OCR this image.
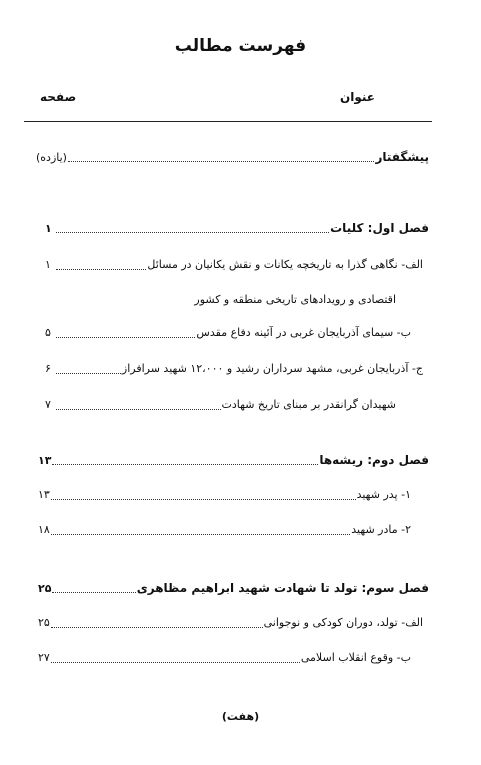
فهرست مطالب
عنوان
صفحه
پیشگفتار
(یازده)
فصل اول: کلیات
۱
الف- نگاهی گذرا به تاریخچه یکانات و نقش یکانیان در مسائل
۱
اقتصادی و رویدادهای تاریخی منطقه و کشور
ب- سیمای آذربایجان غربی در آئینه دفاع مقدس
۵
ج- آذربایجان غربی، مشهد سرداران رشید و ۱۲،۰۰۰ شهید سرافراز
۶
شهیدان گرانقدر بر مبنای تاریخ شهادت
۷
فصل دوم: ریشه‌ها
۱۳
۱- پدر شهید
۱۳
۲- مادر شهید
۱۸
فصل سوم: تولد تا شهادت شهید ابراهیم مظاهری
۲۵
الف- تولد، دوران کودکی و نوجوانی
۲۵
ب- وقوع انقلاب اسلامی
۲۷
(هفت)
